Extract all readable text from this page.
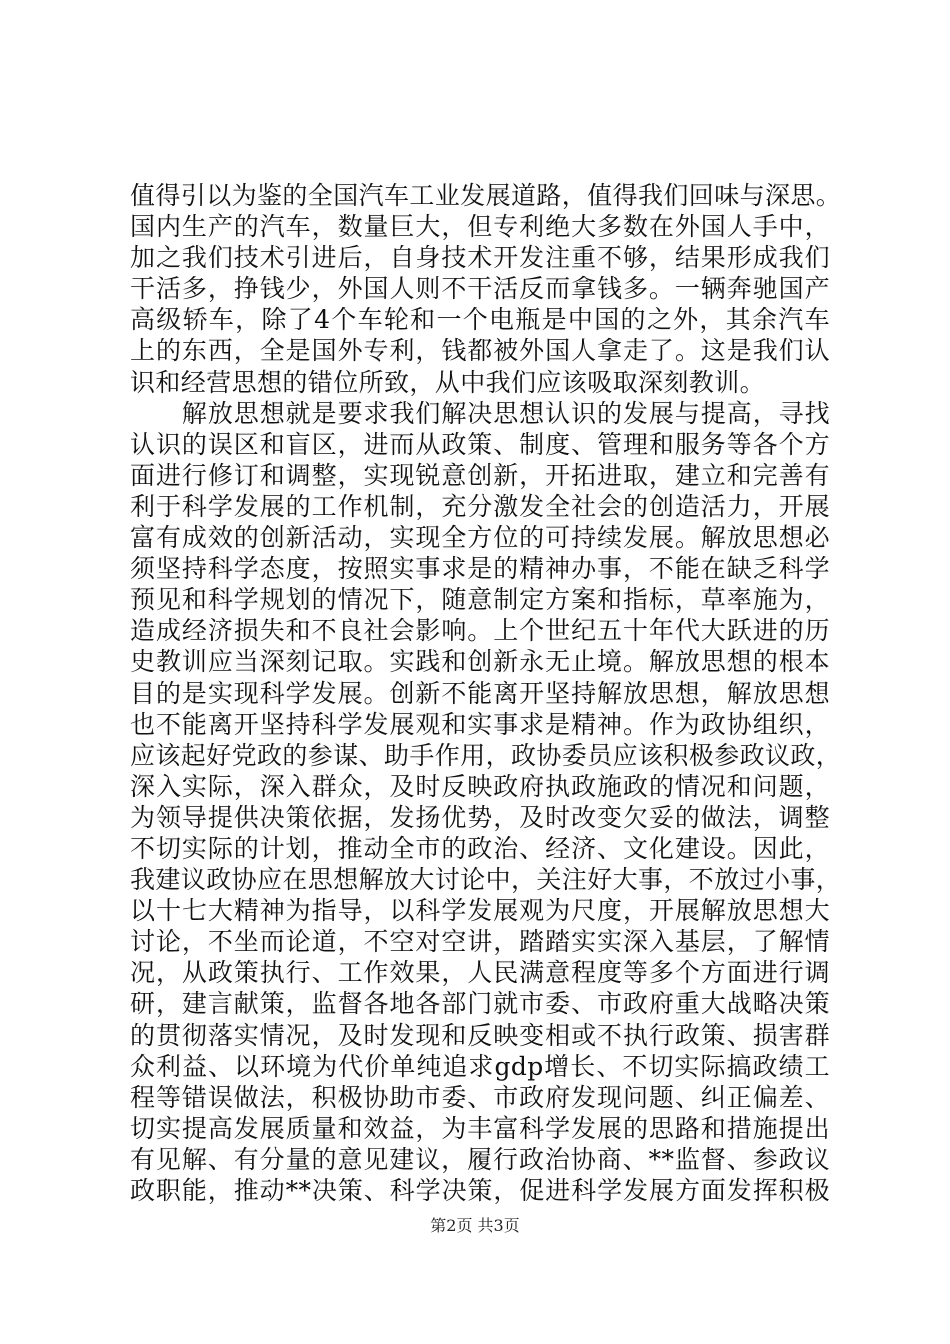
值得引以为鉴的全国汽车工业发展道路，值得我们回味与深思。
国内生产的汽车，数量巨大，但专利绝大多数在外国人手中，
加之我们技术引进后，自身技术开发注重不够，结果形成我们
干活多，挣钱少，外国人则不干活反而拿钱多。一辆奔驰国产
高级轿车，除了4个车轮和一个电瓶是中国的之外，其余汽车
上的东西，全是国外专利，钱都被外国人拿走了。这是我们认
识和经营思想的错位所致，从中我们应该吸取深刻教训。
　　解放思想就是要求我们解决思想认识的发展与提高，寻找
认识的误区和盲区，进而从政策、制度、管理和服务等各个方
面进行修订和调整，实现锐意创新，开拓进取，建立和完善有
利于科学发展的工作机制，充分激发全社会的创造活力，开展
富有成效的创新活动，实现全方位的可持续发展。解放思想必
须坚持科学态度，按照实事求是的精神办事，不能在缺乏科学
预见和科学规划的情况下，随意制定方案和指标，草率施为，
造成经济损失和不良社会影响。上个世纪五十年代大跃进的历
史教训应当深刻记取。实践和创新永无止境。解放思想的根本
目的是实现科学发展。创新不能离开坚持解放思想，解放思想
也不能离开坚持科学发展观和实事求是精神。作为政协组织，
应该起好党政的参谋、助手作用，政协委员应该积极参政议政，
深入实际，深入群众，及时反映政府执政施政的情况和问题，
为领导提供决策依据，发扬优势，及时改变欠妥的做法，调整
不切实际的计划，推动全市的政治、经济、文化建设。因此，
我建议政协应在思想解放大讨论中，关注好大事，不放过小事，
以十七大精神为指导，以科学发展观为尺度，开展解放思想大
讨论，不坐而论道，不空对空讲，踏踏实实深入基层，了解情
况，从政策执行、工作效果，人民满意程度等多个方面进行调
研，建言献策，监督各地各部门就市委、市政府重大战略决策
的贯彻落实情况，及时发现和反映变相或不执行政策、损害群
众利益、以环境为代价单纯追求gdp增长、不切实际搞政绩工
程等错误做法，积极协助市委、市政府发现问题、纠正偏差、
切实提高发展质量和效益，为丰富科学发展的思路和措施提出
有见解、有分量的意见建议，履行政治协商、**监督、参政议
政职能，推动**决策、科学决策，促进科学发展方面发挥积极
第2页 共3页
